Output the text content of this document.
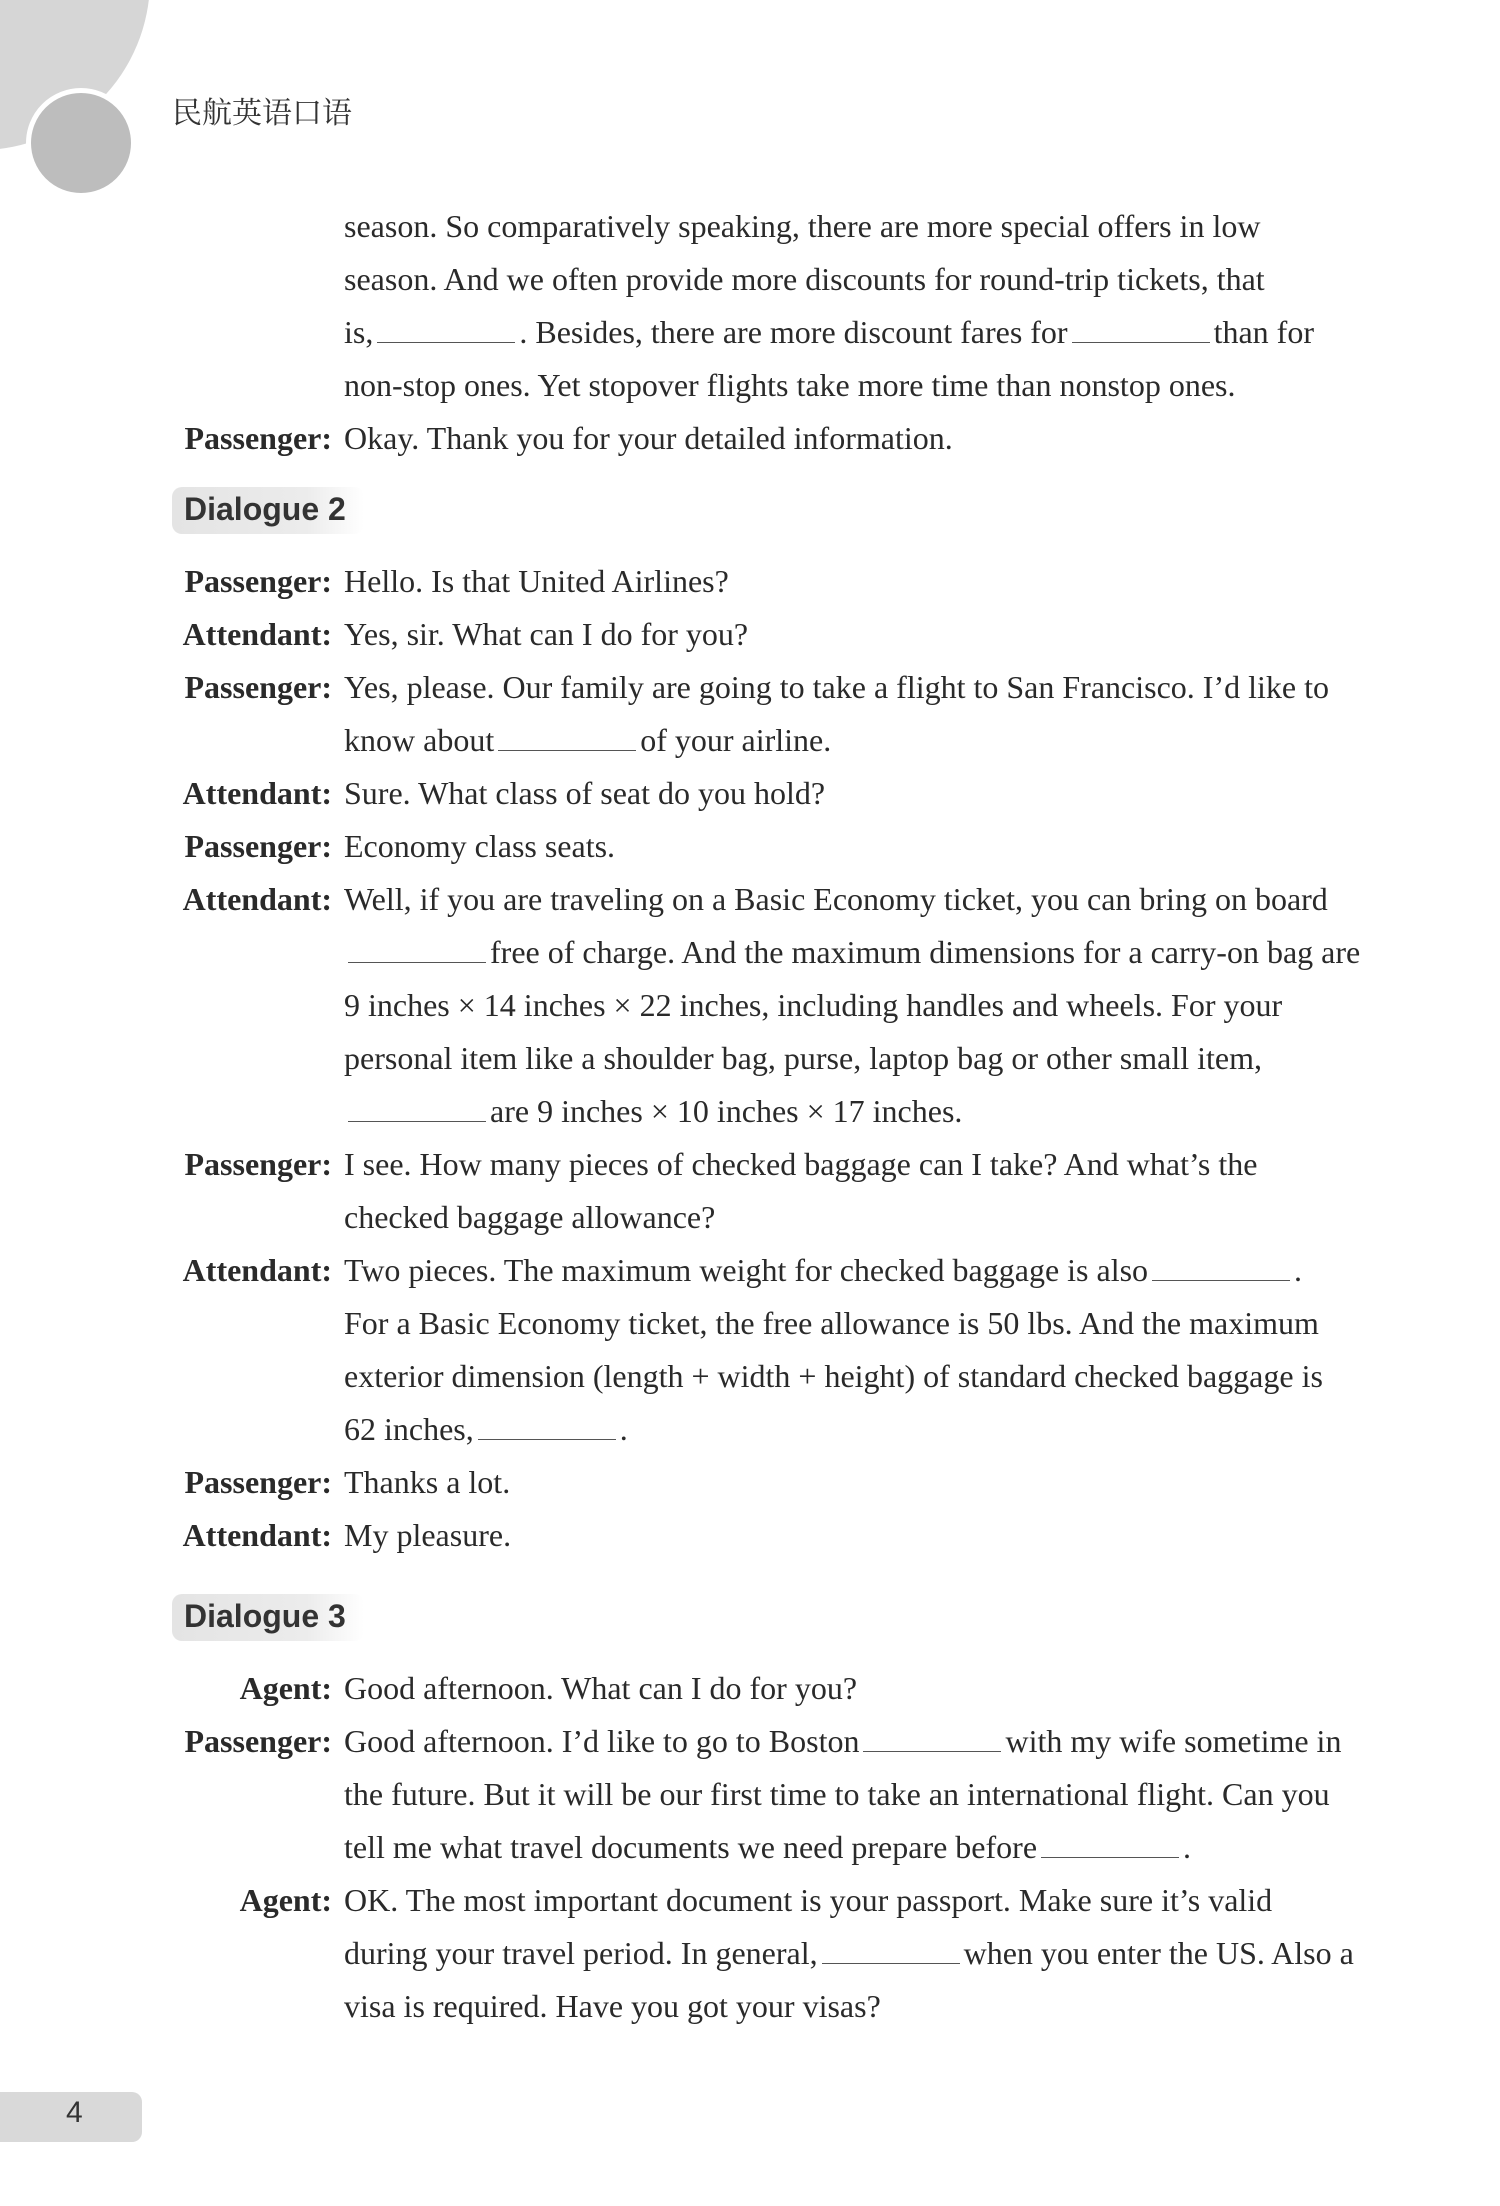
民航英语口语
season. So comparatively speaking, there are more special offers in low
season. And we often provide more discounts for round-trip tickets, that
is,	. Besides, there are more discount fares for	than for
non-stop ones. Yet stopover flights take more time than nonstop ones.
Passenger: Okay. Thank you for your detailed information.
Dialogue 2
Passenger: Hello. Is that United Airlines?
Attendant: Yes, sir. What can I do for you?
Passenger: Yes, please. Our family are going to take a flight to San Francisco. I’d like to
know about	of your airline.
Attendant: Sure. What class of seat do you hold?
Passenger: Economy class seats.
Attendant: Well, if you are traveling on a Basic Economy ticket, you can bring on board
free of charge. And the maximum dimensions for a carry-on bag are
9 inches × 14 inches × 22 inches, including handles and wheels. For your
personal item like a shoulder bag, purse, laptop bag or other small item,
are 9 inches × 10 inches × 17 inches.
Passenger: I see. How many pieces of checked baggage can I take? And what’s the
checked baggage allowance?
Attendant: Two pieces. The maximum weight for checked baggage is also	.
For a Basic Economy ticket, the free allowance is 50 lbs. And the maximum
exterior dimension (length + width + height) of standard checked baggage is
62 inches,	.
Passenger: Thanks a lot.
Attendant: My pleasure.
Dialogue 3
Agent: Good afternoon. What can I do for you?
Passenger: Good afternoon. I’d like to go to Boston	with my wife sometime in
the future. But it will be our first time to take an international flight. Can you
tell me what travel documents we need prepare before	.
Agent: OK. The most important document is your passport. Make sure it’s valid
during your travel period. In general,	when you enter the US. Also a
visa is required. Have you got your visas?
4
